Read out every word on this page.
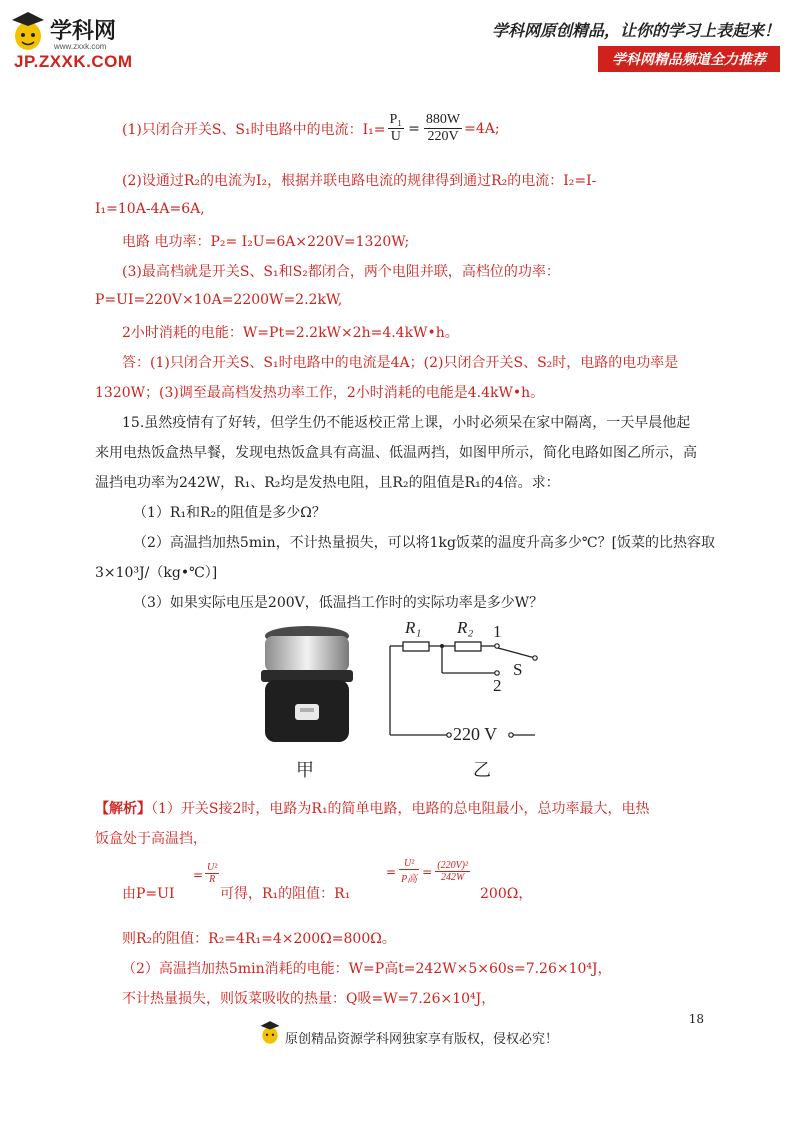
学科网
www.zxxk.com
JP.ZXXK.COM
学科网原创精品，让你的学习上表起来！
学科网精品频道全力推荐
(1)只闭合开关S、S₁时电路中的电流：$I_1= \frac{\text{P₁}}{U} = \frac{880W}{220V} =4A$;
(2)设通过R₂的电流为I₂，根据并联电路电流的规律得到通过R₂的电流：I₂=I-
I₁=10A-4A=6A,
电路 电功率：P₂= I₂U=6A×220V=1320W;
(3)最高档就是开关S、S₁和S₂都闭合，两个电阻并联，高档位的功率：
P=UI=220V×10A=2200W=2.2kW,
2小时消耗的电能：W=Pt=2.2kW×2h=4.4kW•h。
答：(1)只闭合开关S、S₁时电路中的电流是4A；(2)只闭合开关S、S₂时，电路的电功率是
1320W；(3)调至最高档发热功率工作，2小时消耗的电能是4.4kW•h。
15.虽然疫情有了好转，但学生仍不能返校正常上课，小时必须呆在家中隔离，一天早晨他起
来用电热饭盒热早餐，发现电热饭盒具有高温、低温两挡，如图甲所示，简化电路如图乙所示，高
温挡电功率为242W，R₁、R₂均是发热电阻，且R₂的阻值是R₁的4倍。求：
（1）R₁和R₂的阻值是多少Ω？
（2）高温挡加热5min，不计热量损失，可以将1kg饭菜的温度升高多少℃？[饭菜的比热容取
3×10³J/（kg•℃）]
（3）如果实际电压是200V，低温挡工作时的实际功率是多少W？
甲
R₁ R₂ 1
2
S
220 V
乙
【解析】（1）开关S接2时，电路为R₁的简单电路，电路的总电阻最小，总功率最大，电热
饭盒处于高温挡，
由P=UI
= $\frac{\text{U²}}{R}$
可得，R₁的阻值：R₁
= $\frac{\text{U²}}{\text{P高}} = \frac{\text{(220V)²}}{242W}$
200Ω，
则R₂的阻值：R₂=4R₁=4×200Ω=800Ω。
（2）高温挡加热5min消耗的电能：W=P高t=242W×5×60s=7.26×10⁴J，
不计热量损失，则饭菜吸收的热量：Q吸=W=7.26×10⁴J，
18
原创精品资源学科网独家享有版权，侵权必究！
